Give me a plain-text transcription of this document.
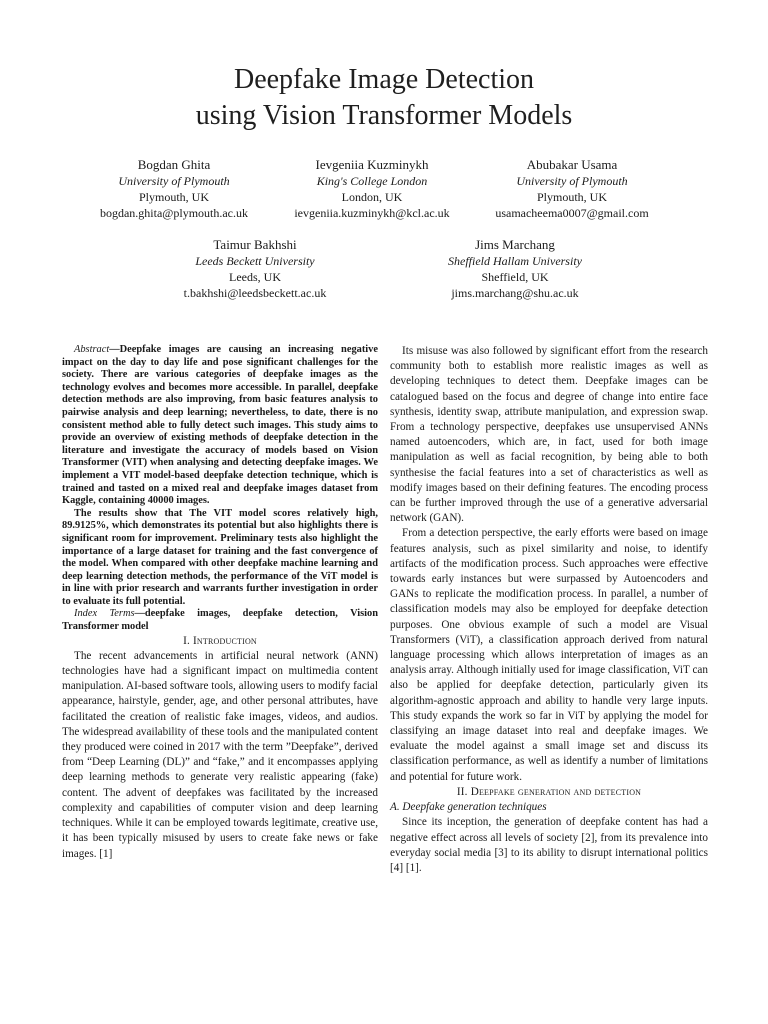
Deepfake Image Detection
using Vision Transformer Models
Bogdan Ghita
University of Plymouth
Plymouth, UK
bogdan.ghita@plymouth.ac.uk
Ievgeniia Kuzminykh
King's College London
London, UK
ievgeniia.kuzminykh@kcl.ac.uk
Abubakar Usama
University of Plymouth
Plymouth, UK
usamacheema0007@gmail.com
Taimur Bakhshi
Leeds Beckett University
Leeds, UK
t.bakhshi@leedsbeckett.ac.uk
Jims Marchang
Sheffield Hallam University
Sheffield, UK
jims.marchang@shu.ac.uk

Abstract—Deepfake images are causing an increasing negative impact on the day to day life and pose significant challenges for the society. There are various categories of deepfake images as the technology evolves and becomes more accessible. In parallel, deepfake detection methods are also improving, from basic features analysis to pairwise analysis and deep learning; nevertheless, to date, there is no consistent method able to fully detect such images. This study aims to provide an overview of existing methods of deepfake detection in the literature and investigate the accuracy of models based on Vision Transformer (VIT) when analysing and detecting deepfake images. We implement a VIT model-based deepfake detection technique, which is trained and tasted on a mixed real and deepfake images dataset from Kaggle, containing 40000 images.

The results show that The VIT model scores relatively high, 89.9125%, which demonstrates its potential but also highlights there is significant room for improvement. Preliminary tests also highlight the importance of a large dataset for training and the fast convergence of the model. When compared with other deepfake machine learning and deep learning detection methods, the performance of the ViT model is in line with prior research and warrants further investigation in order to evaluate its full potential.

Index Terms—deepfake images, deepfake detection, Vision Transformer model

I. Introduction

The recent advancements in artificial neural network (ANN) technologies have had a significant impact on multimedia content manipulation. AI-based software tools, allowing users to modify facial appearance, hairstyle, gender, age, and other personal attributes, have facilitated the creation of realistic fake images, videos, and audios. The widespread availability of these tools and the manipulated content they produced were coined in 2017 with the term ”Deepfake”, derived from “Deep Learning (DL)” and “fake,” and it encompasses applying deep learning methods to generate very realistic appearing (fake) content. The advent of deepfakes was facilitated by the increased complexity and capabilities of computer vision and deep learning techniques. While it can be employed towards legitimate, creative use, it has been typically misused by users to create fake news or fake images. [1]

Its misuse was also followed by significant effort from the research community both to establish more realistic images as well as developing techniques to detect them. Deepfake images can be catalogued based on the focus and degree of change into entire face synthesis, identity swap, attribute manipulation, and expression swap. From a technology perspective, deepfakes use unsupervised ANNs named autoencoders, which are, in fact, used for both image manipulation as well as facial recognition, by being able to both synthesise the facial features into a set of characteristics as well as modify images based on their defining features. The encoding process can be further improved through the use of a generative adversarial network (GAN).

From a detection perspective, the early efforts were based on image features analysis, such as pixel similarity and noise, to identify artifacts of the modification process. Such approaches were effective towards early instances but were surpassed by Autoencoders and GANs to replicate the modification process. In parallel, a number of classification models may also be employed for deepfake detection purposes. One obvious example of such a model are Visual Transformers (ViT), a classification approach derived from natural language processing which allows interpretation of images as an analysis array. Although initially used for image classification, ViT can also be applied for deepfake detection, particularly given its algorithm-agnostic approach and ability to handle very large inputs. This study expands the work so far in ViT by applying the model for classifying an image dataset into real and deepfake images. We evaluate the model against a small image set and discuss its classification performance, as well as identify a number of limitations and potential for future work.

II. Deepfake generation and detection

A. Deepfake generation techniques

Since its inception, the generation of deepfake content has had a negative effect across all levels of society [2], from its prevalence into everyday social media [3] to its ability to disrupt international politics [4] [1].
